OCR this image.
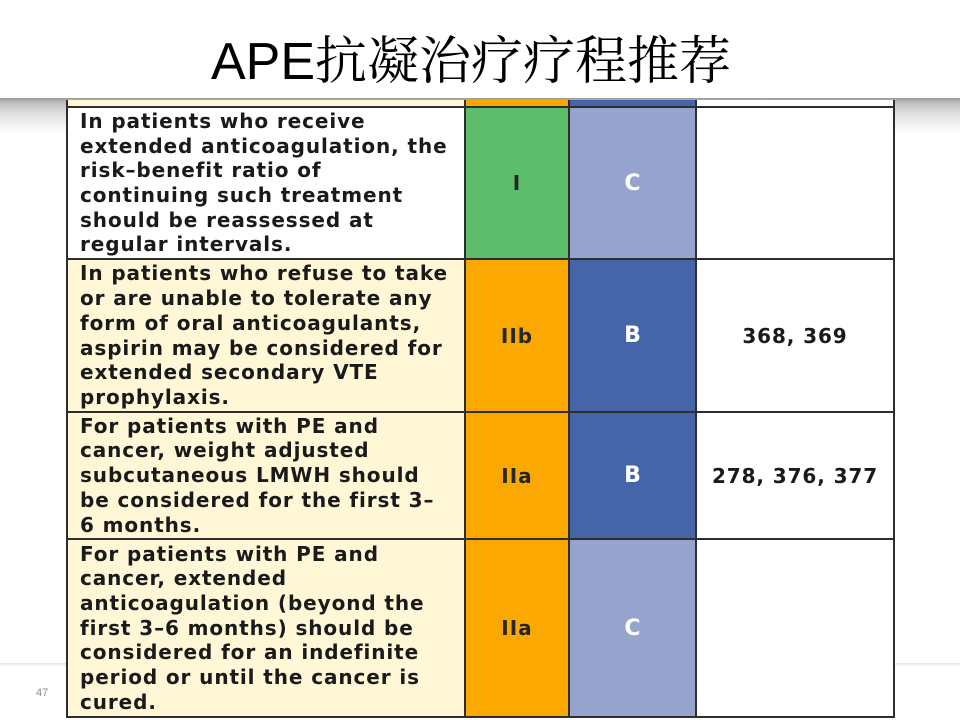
APE抗凝治疗疗程推荐
47
In patients who receive
extended anticoagulation, the
risk–benefit ratio of
continuing such treatment
should be reassessed at
regular intervals.
I	C
In patients who refuse to take
or are unable to tolerate any
form of oral anticoagulants,
aspirin may be considered for
extended secondary VTE
prophylaxis.
IIb	B	368, 369
For patients with PE and
cancer, weight adjusted
subcutaneous LMWH should
be considered for the first 3–
6 months.
IIa	B	278, 376, 377
For patients with PE and
cancer, extended
anticoagulation (beyond the
first 3–6 months) should be
considered for an indefinite
period or until the cancer is
cured.
IIa	C
